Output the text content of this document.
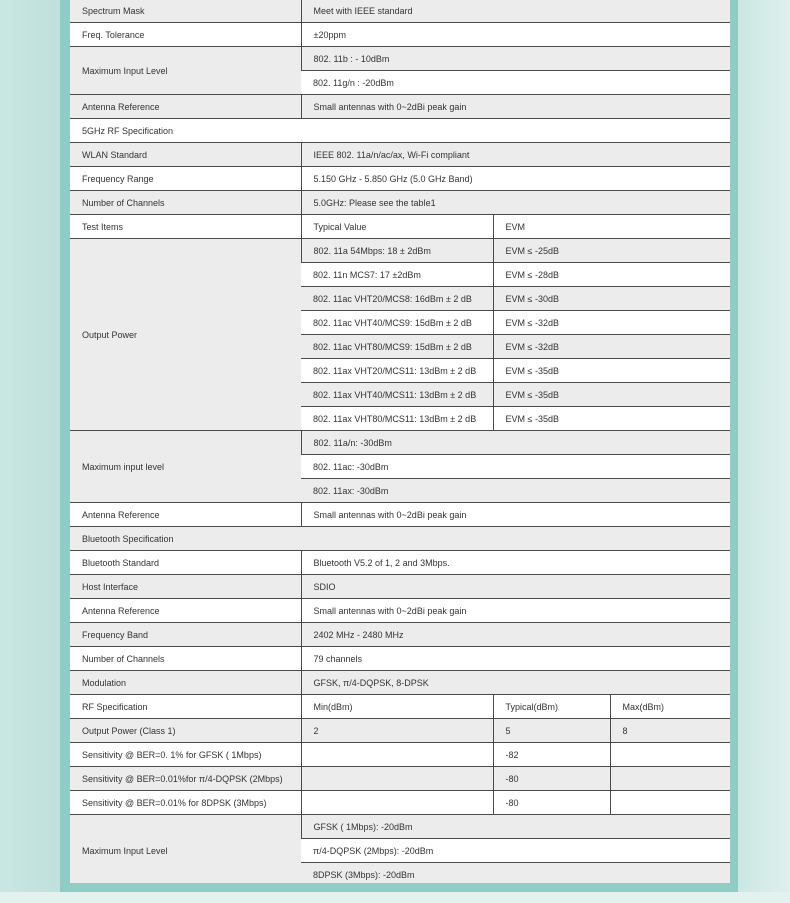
Spectrum Mask	Meet with IEEE standard		
Freq. Tolerance	±20ppm		
Maximum Input Level	802. 11b : - 10dBm		
	802. 11g/n : -20dBm		
Antenna Reference	Small antennas with 0~2dBi peak gain		
5GHz RF Specification			
WLAN Standard	IEEE 802. 11a/n/ac/ax, Wi-Fi compliant		
Frequency Range	5.150 GHz - 5.850 GHz (5.0 GHz Band)		
Number of Channels	5.0GHz: Please see the table1		
Test Items	Typical Value	EVM	
Output Power	802. 11a 54Mbps: 18 ± 2dBm	EVM ≤ -25dB	
	802. 11n MCS7: 17 ±2dBm	EVM ≤ -28dB	
	802. 11ac VHT20/MCS8: 16dBm ± 2 dB	EVM ≤ -30dB	
	802. 11ac VHT40/MCS9: 15dBm ± 2 dB	EVM ≤ -32dB	
	802. 11ac VHT80/MCS9: 15dBm ± 2 dB	EVM ≤ -32dB	
	802. 11ax VHT20/MCS11: 13dBm ± 2 dB	EVM ≤ -35dB	
	802. 11ax VHT40/MCS11: 13dBm ± 2 dB	EVM ≤ -35dB	
	802. 11ax VHT80/MCS11: 13dBm ± 2 dB	EVM ≤ -35dB	
Maximum input level	802. 11a/n: -30dBm		
	802. 11ac: -30dBm		
	802. 11ax: -30dBm		
Antenna Reference	Small antennas with 0~2dBi peak gain		
Bluetooth Specification			
Bluetooth Standard	Bluetooth V5.2 of 1, 2 and 3Mbps.		
Host Interface	SDIO		
Antenna Reference	Small antennas with 0~2dBi peak gain		
Frequency Band	2402 MHz - 2480 MHz		
Number of Channels	79 channels		
Modulation	GFSK, π/4-DQPSK, 8-DPSK		
RF Specification	Min(dBm)	Typical(dBm)	Max(dBm)
Output Power (Class 1)	2	5	8
Sensitivity @ BER=0. 1% for GFSK ( 1Mbps)		-82	
Sensitivity @ BER=0.01%for π/4-DQPSK (2Mbps)		-80	
Sensitivity @ BER=0.01% for 8DPSK (3Mbps)		-80	
Maximum Input Level	GFSK ( 1Mbps): -20dBm		
	π/4-DQPSK (2Mbps): -20dBm		
	8DPSK (3Mbps): -20dBm		
